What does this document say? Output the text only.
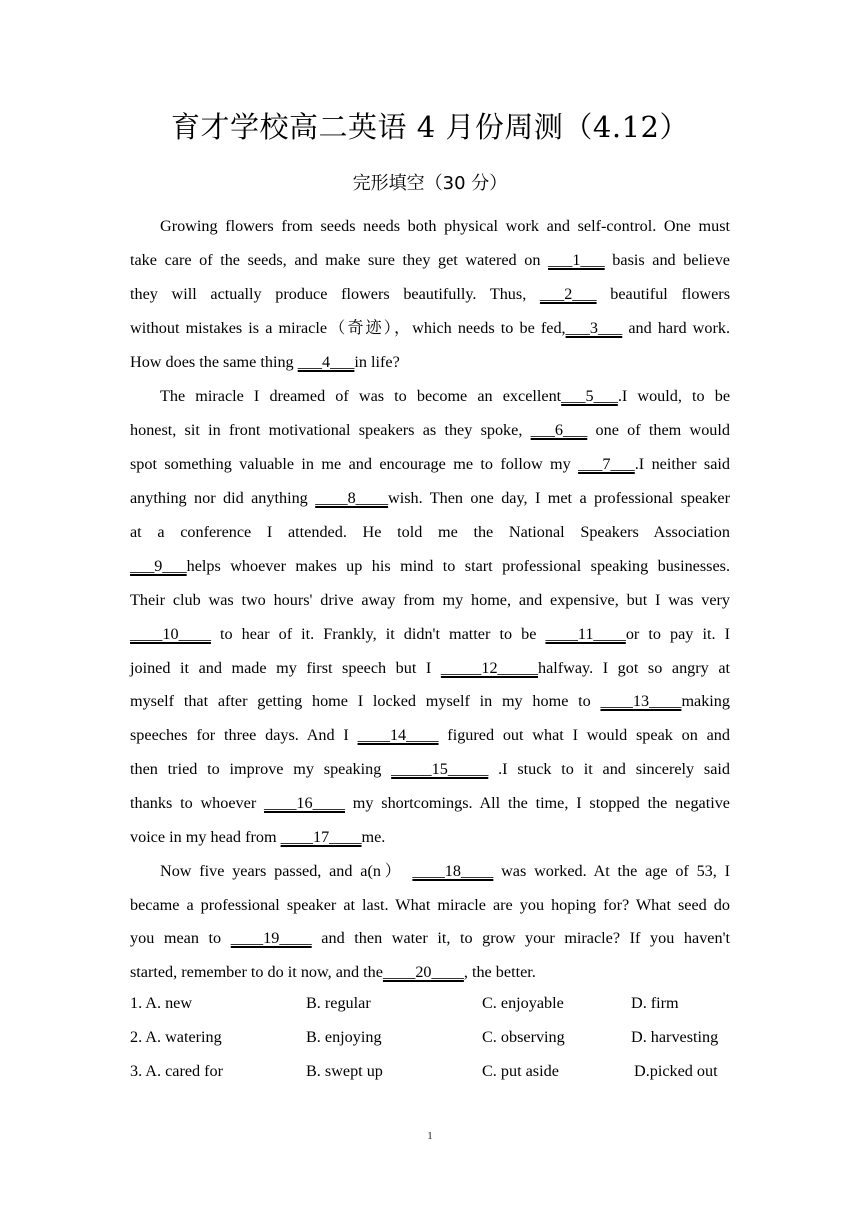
育才学校高二英语 4 月份周测（4.12）
完形填空（30 分）
Growing flowers from seeds needs both physical work and self-control. One must
take care of the seeds, and make sure they get watered on ___1___ basis and believe
they will actually produce flowers beautifully. Thus, ___2___ beautiful flowers
without mistakes is a miracle（奇迹），which needs to be fed,___3___ and hard work.
How does the same thing ___4___in life?
The miracle I dreamed of was to become an excellent___5___.I would, to be
honest, sit in front motivational speakers as they spoke, ___6___ one of them would
spot something valuable in me and encourage me to follow my ___7___.I neither said
anything nor did anything ____8____wish. Then one day, I met a professional speaker
at a conference I attended. He told me the National Speakers Association
___9___helps whoever makes up his mind to start professional speaking businesses.
Their club was two hours' drive away from my home, and expensive, but I was very
____10____ to hear of it. Frankly, it didn't matter to be ____11____or to pay it. I
joined it and made my first speech but I _____12_____halfway. I got so angry at
myself that after getting home I locked myself in my home to ____13____making
speeches for three days. And I ____14____ figured out what I would speak on and
then tried to improve my speaking _____15_____ .I stuck to it and sincerely said
thanks to whoever ____16____ my shortcomings. All the time, I stopped the negative
voice in my head from ____17____me.
Now five years passed, and a(n） ____18____ was worked. At the age of 53, I
became a professional speaker at last. What miracle are you hoping for? What seed do
you mean to ____19____ and then water it, to grow your miracle? If you haven't
started, remember to do it now, and the____20____, the better.
1. A. new	B. regular	C. enjoyable	D. firm
2. A. watering	B. enjoying	C. observing	D. harvesting
3. A. cared for	B. swept up	C. put aside	D.picked out
1
